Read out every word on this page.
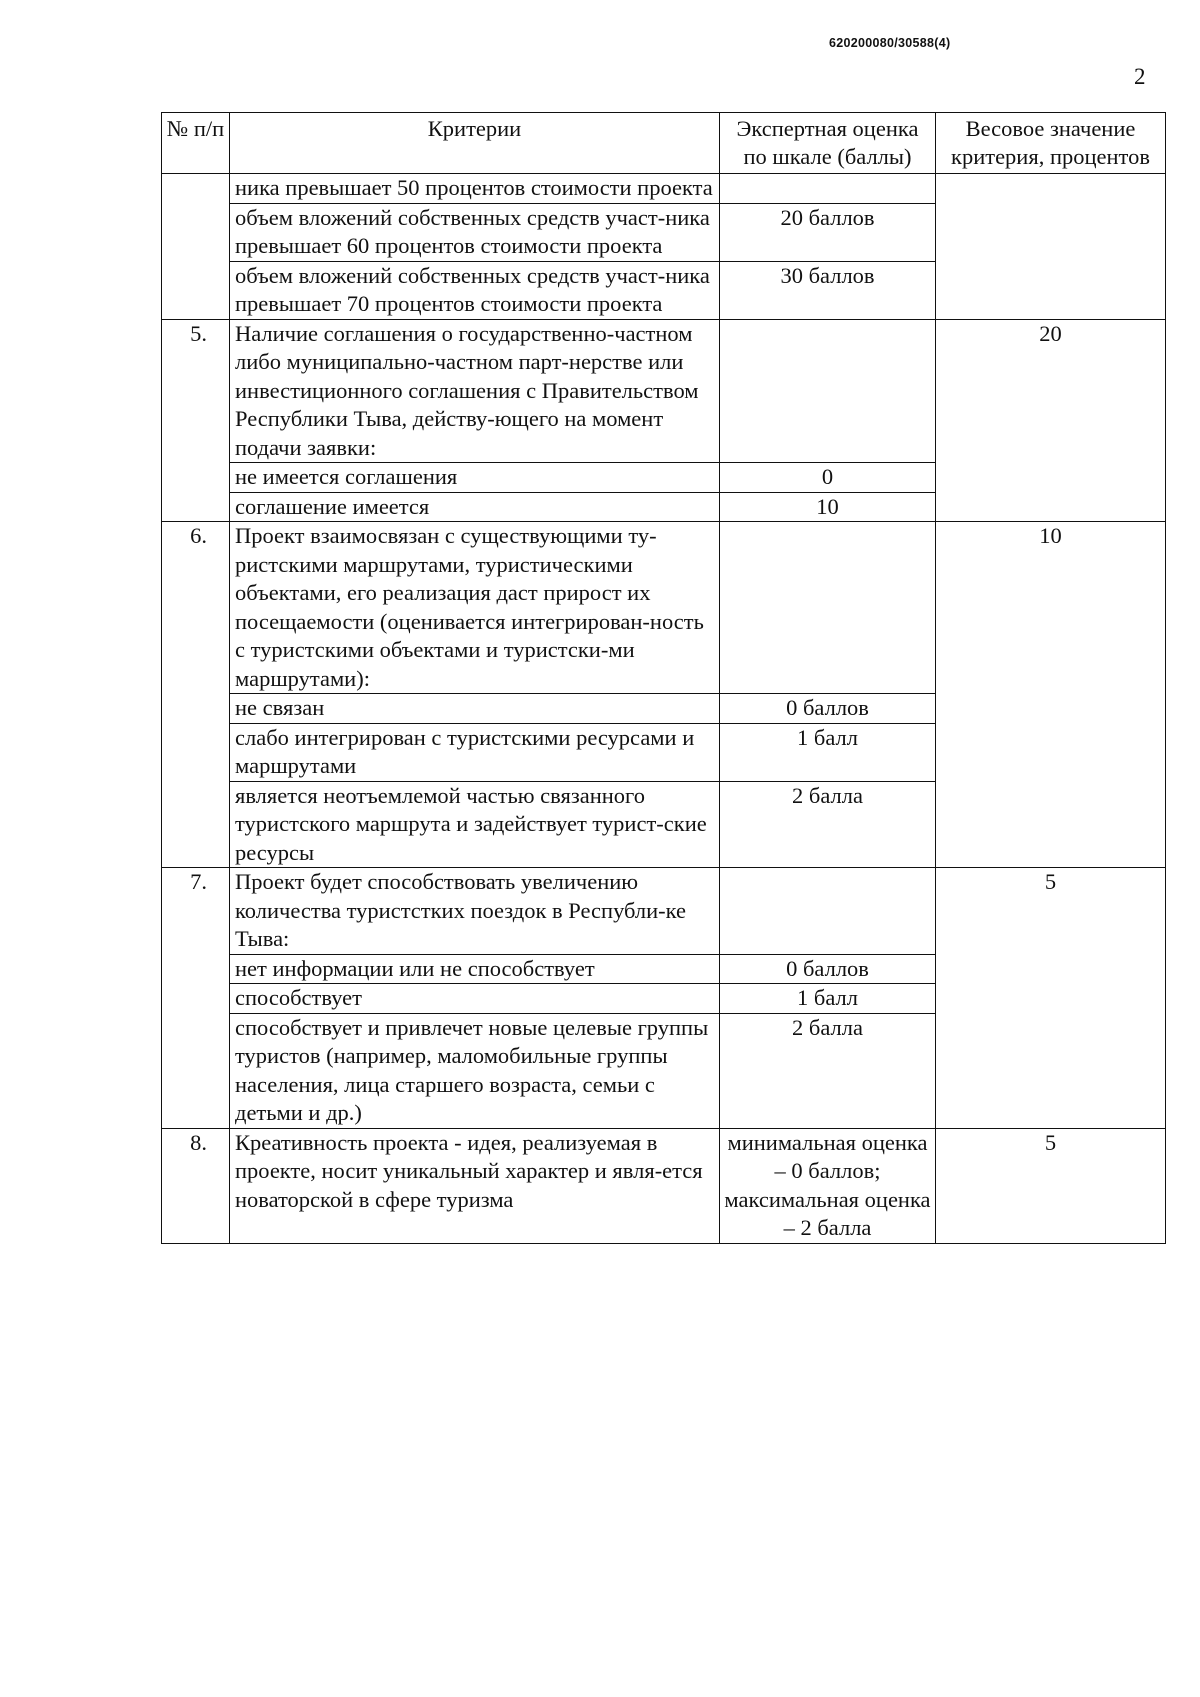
620200080/30588(4)
2
№ п/п	Критерии	Экспертная оценка по шкале (баллы)	Весовое значение критерия, процентов
	ника превышает 50 процентов стоимости проекта		
	объем вложений собственных средств участ-ника превышает 60 процентов стоимости проекта	20 баллов	
	объем вложений собственных средств участ-ника превышает 70 процентов стоимости проекта	30 баллов	
5.	Наличие соглашения о государственно-частном либо муниципально-частном парт-нерстве или инвестиционного соглашения с Правительством Республики Тыва, действу-ющего на момент подачи заявки:		20
	не имеется соглашения	0	
	соглашение имеется	10	
6.	Проект взаимосвязан с существующими ту-ристскими маршрутами, туристическими объектами, его реализация даст прирост их посещаемости (оценивается интегрирован-ность с туристскими объектами и туристски-ми маршрутами):		10
	не связан	0 баллов	
	слабо интегрирован с туристскими ресурсами и маршрутами	1 балл	
	является неотъемлемой частью связанного туристского маршрута и задействует турист-ские ресурсы	2 балла	
7.	Проект будет способствовать увеличению количества туристстких поездок в Республи-ке Тыва:		5
	нет информации или не способствует	0 баллов	
	способствует	1 балл	
	способствует и привлечет новые целевые группы туристов (например, маломобильные группы населения, лица старшего возраста, семьи с детьми и др.)	2 балла	
8.	Креативность проекта - идея, реализуемая в проекте, носит уникальный характер и явля-ется новаторской в сфере туризма	минимальная оценка – 0 баллов; максимальная оценка – 2 балла	5
